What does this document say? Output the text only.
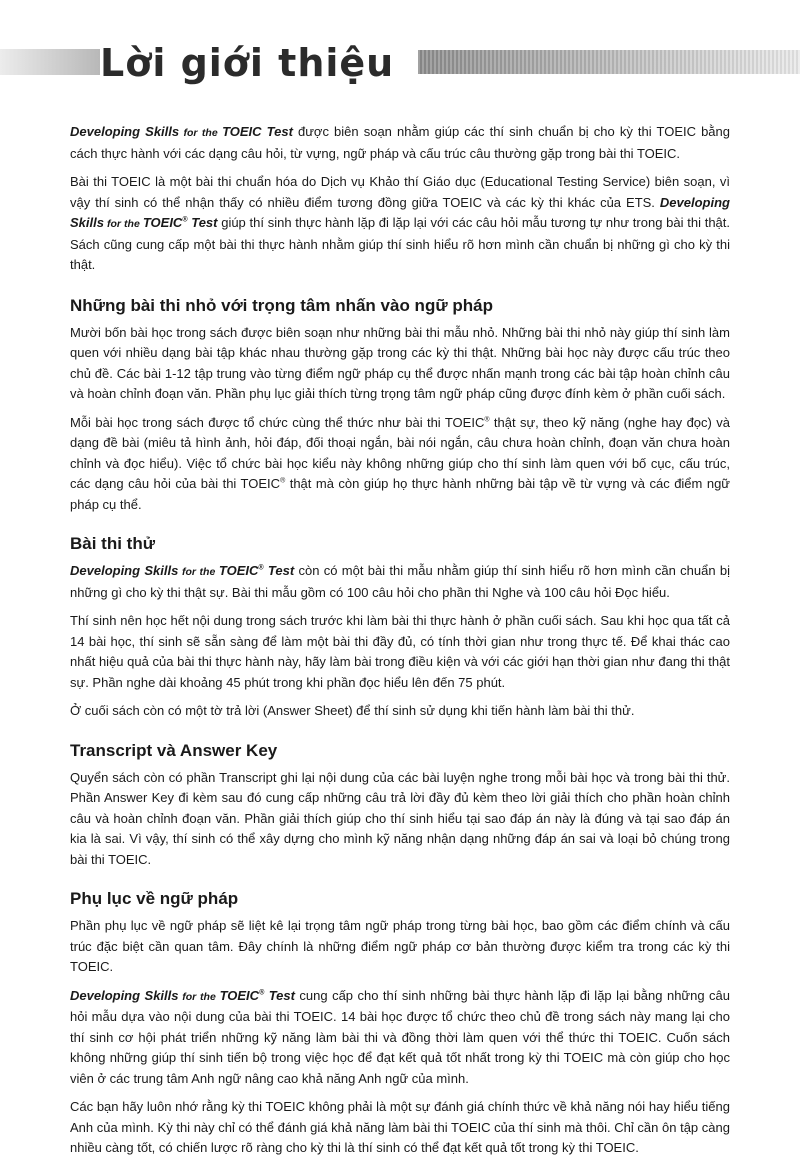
Lời giới thiệu

Developing Skills for the TOEIC Test được biên soạn nhằm giúp các thí sinh chuẩn bị cho kỳ thi TOEIC bằng cách thực hành với các dạng câu hỏi, từ vựng, ngữ pháp và cấu trúc câu thường gặp trong bài thi TOEIC.

Bài thi TOEIC là một bài thi chuẩn hóa do Dịch vụ Khảo thí Giáo dục (Educational Testing Service) biên soạn, vì vậy thí sinh có thể nhận thấy có nhiều điểm tương đồng giữa TOEIC và các kỳ thi khác của ETS. Developing Skills for the TOEIC® Test giúp thí sinh thực hành lặp đi lặp lại với các câu hỏi mẫu tương tự như trong bài thi thật. Sách cũng cung cấp một bài thi thực hành nhằm giúp thí sinh hiểu rõ hơn mình cần chuẩn bị những gì cho kỳ thi thật.

Những bài thi nhỏ với trọng tâm nhấn vào ngữ pháp

Mười bốn bài học trong sách được biên soạn như những bài thi mẫu nhỏ. Những bài thi nhỏ này giúp thí sinh làm quen với nhiều dạng bài tập khác nhau thường gặp trong các kỳ thi thật. Những bài học này được cấu trúc theo chủ đề. Các bài 1-12 tập trung vào từng điểm ngữ pháp cụ thể được nhấn mạnh trong các bài tập hoàn chỉnh câu và hoàn chỉnh đoạn văn. Phần phụ lục giải thích từng trọng tâm ngữ pháp cũng được đính kèm ở phần cuối sách.

Mỗi bài học trong sách được tổ chức cùng thể thức như bài thi TOEIC® thật sự, theo kỹ năng (nghe hay đọc) và dạng đề bài (miêu tả hình ảnh, hỏi đáp, đối thoại ngắn, bài nói ngắn, câu chưa hoàn chỉnh, đoạn văn chưa hoàn chỉnh và đọc hiểu). Việc tổ chức bài học kiểu này không những giúp cho thí sinh làm quen với bố cục, cấu trúc, các dạng câu hỏi của bài thi TOEIC® thật mà còn giúp họ thực hành những bài tập về từ vựng và các điểm ngữ pháp cụ thể.

Bài thi thử

Developing Skills for the TOEIC® Test còn có một bài thi mẫu nhằm giúp thí sinh hiểu rõ hơn mình cần chuẩn bị những gì cho kỳ thi thật sự. Bài thi mẫu gồm có 100 câu hỏi cho phần thi Nghe và 100 câu hỏi Đọc hiểu.

Thí sinh nên học hết nội dung trong sách trước khi làm bài thi thực hành ở phần cuối sách. Sau khi học qua tất cả 14 bài học, thí sinh sẽ sẵn sàng để làm một bài thi đầy đủ, có tính thời gian như trong thực tế. Để khai thác cao nhất hiệu quả của bài thi thực hành này, hãy làm bài trong điều kiện và với các giới hạn thời gian như đang thi thật sự. Phần nghe dài khoảng 45 phút trong khi phần đọc hiểu lên đến 75 phút.

Ở cuối sách còn có một tờ trả lời (Answer Sheet) để thí sinh sử dụng khi tiến hành làm bài thi thử.

Transcript và Answer Key

Quyển sách còn có phần Transcript ghi lại nội dung của các bài luyện nghe trong mỗi bài học và trong bài thi thử. Phần Answer Key đi kèm sau đó cung cấp những câu trả lời đầy đủ kèm theo lời giải thích cho phần hoàn chỉnh câu và hoàn chỉnh đoạn văn. Phần giải thích giúp cho thí sinh hiểu tại sao đáp án này là đúng và tại sao đáp án kia là sai. Vì vậy, thí sinh có thể xây dựng cho mình kỹ năng nhận dạng những đáp án sai và loại bỏ chúng trong bài thi TOEIC.

Phụ lục về ngữ pháp

Phần phụ lục về ngữ pháp sẽ liệt kê lại trọng tâm ngữ pháp trong từng bài học, bao gồm các điểm chính và cấu trúc đặc biệt cần quan tâm. Đây chính là những điểm ngữ pháp cơ bản thường được kiểm tra trong các kỳ thi TOEIC.

Developing Skills for the TOEIC® Test cung cấp cho thí sinh những bài thực hành lặp đi lặp lại bằng những câu hỏi mẫu dựa vào nội dung của bài thi TOEIC. 14 bài học được tổ chức theo chủ đề trong sách này mang lại cho thí sinh cơ hội phát triển những kỹ năng làm bài thi và đồng thời làm quen với thể thức thi TOEIC. Cuốn sách không những giúp thí sinh tiến bộ trong việc học để đạt kết quả tốt nhất trong kỳ thi TOEIC mà còn giúp cho học viên ở các trung tâm Anh ngữ nâng cao khả năng Anh ngữ của mình.

Các bạn hãy luôn nhớ rằng kỳ thi TOEIC không phải là một sự đánh giá chính thức về khả năng nói hay hiểu tiếng Anh của mình. Kỳ thi này chỉ có thể đánh giá khả năng làm bài thi TOEIC của thí sinh mà thôi. Chỉ cần ôn tập càng nhiều càng tốt, có chiến lược rõ ràng cho kỳ thi là thí sinh có thể đạt kết quả tốt trong kỳ thi TOEIC.
